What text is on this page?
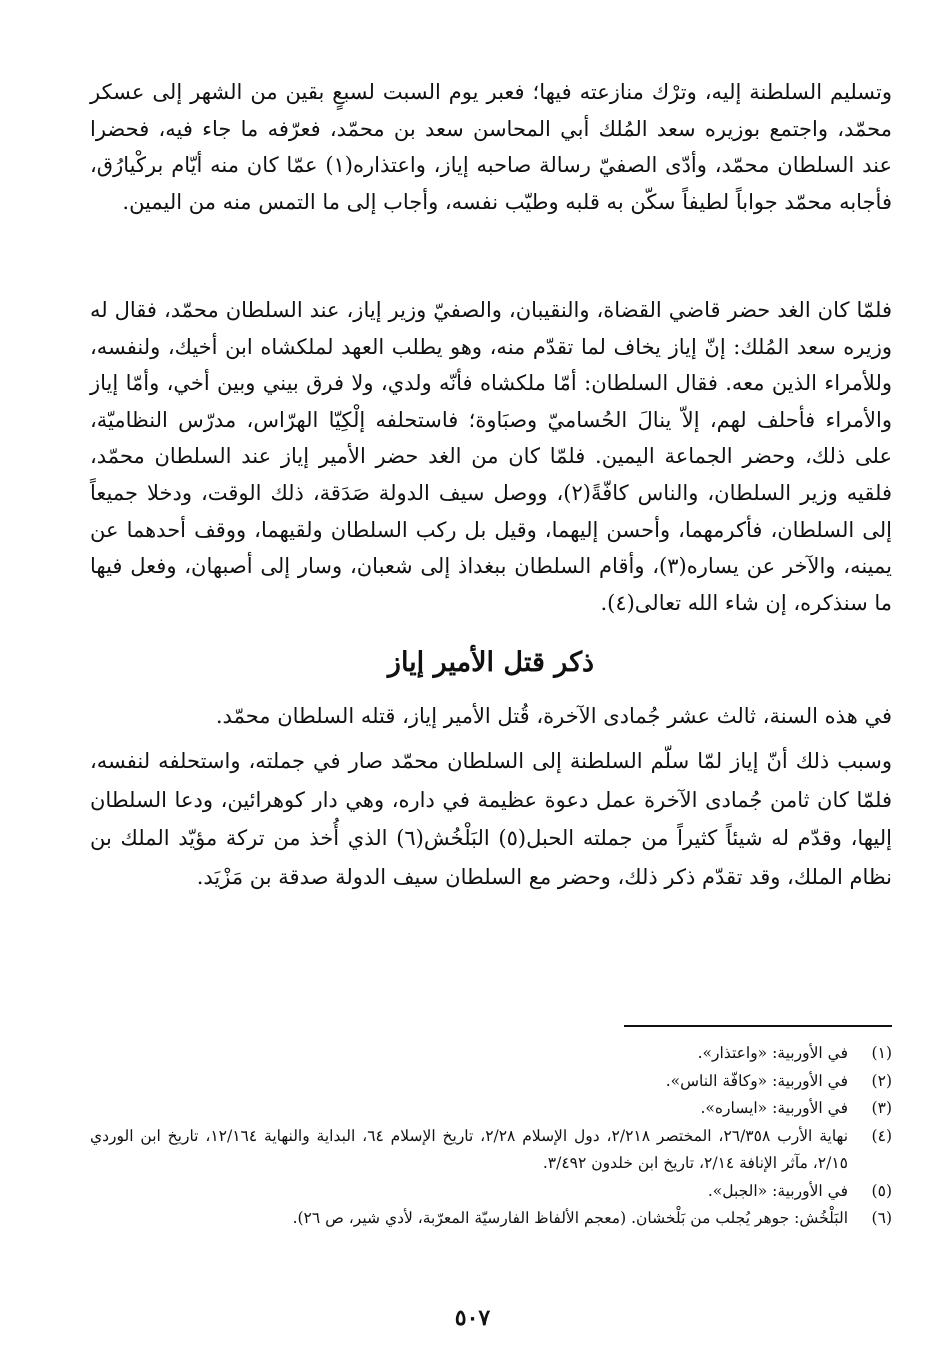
وتسليم السلطنة إليه، وترْك منازعته فيها؛ فعبر يوم السبت لسبعٍ بقين من الشهر إلى عسكر محمّد، واجتمع بوزيره سعد المُلك أبي المحاسن سعد بن محمّد، فعرّفه ما جاء فيه، فحضرا عند السلطان محمّد، وأدّى الصفيّ رسالة صاحبه إياز، واعتذاره(١) عمّا كان منه أيّام بركْيارُق، فأجابه محمّد جواباً لطيفاً سكّن به قلبه وطيّب نفسه، وأجاب إلى ما التمس منه من اليمين.

فلمّا كان الغد حضر قاضي القضاة، والنقيبان، والصفيّ وزير إياز، عند السلطان محمّد، فقال له وزيره سعد المُلك: إنّ إياز يخاف لما تقدّم منه، وهو يطلب العهد لملكشاه ابن أخيك، ولنفسه، وللأمراء الذين معه. فقال السلطان: أمّا ملكشاه فأنّه ولدي، ولا فرق بيني وبين أخي، وأمّا إياز والأمراء فأحلف لهم، إلاّ ينالَ الحُساميّ وصبَاوة؛ فاستحلفه إلْكِيّا الهرّاس، مدرّس النظاميّة، على ذلك، وحضر الجماعة اليمين. فلمّا كان من الغد حضر الأمير إياز عند السلطان محمّد، فلقيه وزير السلطان، والناس كافّةً(٢)، ووصل سيف الدولة صَدَقة، ذلك الوقت، ودخلا جميعاً إلى السلطان، فأكرمهما، وأحسن إليهما، وقيل بل ركب السلطان ولقيهما، ووقف أحدهما عن يمينه، والآخر عن يساره(٣)، وأقام السلطان ببغداذ إلى شعبان، وسار إلى أصبهان، وفعل فيها ما سنذكره، إن شاء الله تعالى(٤).

ذكر قتل الأمير إياز

في هذه السنة، ثالث عشر جُمادى الآخرة، قُتل الأمير إياز، قتله السلطان محمّد.

وسبب ذلك أنّ إياز لمّا سلّم السلطنة إلى السلطان محمّد صار في جملته، واستحلفه لنفسه، فلمّا كان ثامن جُمادى الآخرة عمل دعوة عظيمة في داره، وهي دار كوهرائين، ودعا السلطان إليها، وقدّم له شيئاً كثيراً من جملته الحبل(٥) البَلْخُش(٦) الذي أُخذ من تركة مؤيّد الملك بن نظام الملك، وقد تقدّم ذكر ذلك، وحضر مع السلطان سيف الدولة صدقة بن مَزْيَد.

(١)
في الأوربية: «واعتذار».
(٢)
في الأوربية: «وكافّة الناس».
(٣)
في الأوربية: «ايساره».
(٤)
نهاية الأرب ٢٦/٣٥٨، المختصر ٢/٢١٨، دول الإسلام ٢/٢٨، تاريخ الإسلام ٦٤، البداية والنهاية ١٢/١٦٤، تاريخ ابن الوردي ٢/١٥، مآثر الإنافة ٢/١٤، تاريخ ابن خلدون ٣/٤٩٢.
(٥)
في الأوربية: «الجبل».
(٦)
البَلْخُش: جوهر يُجلب من بَلْخشان. (معجم الألفاظ الفارسيّة المعرّبة، لأدي شير، ص ٢٦).
٥٠٧
